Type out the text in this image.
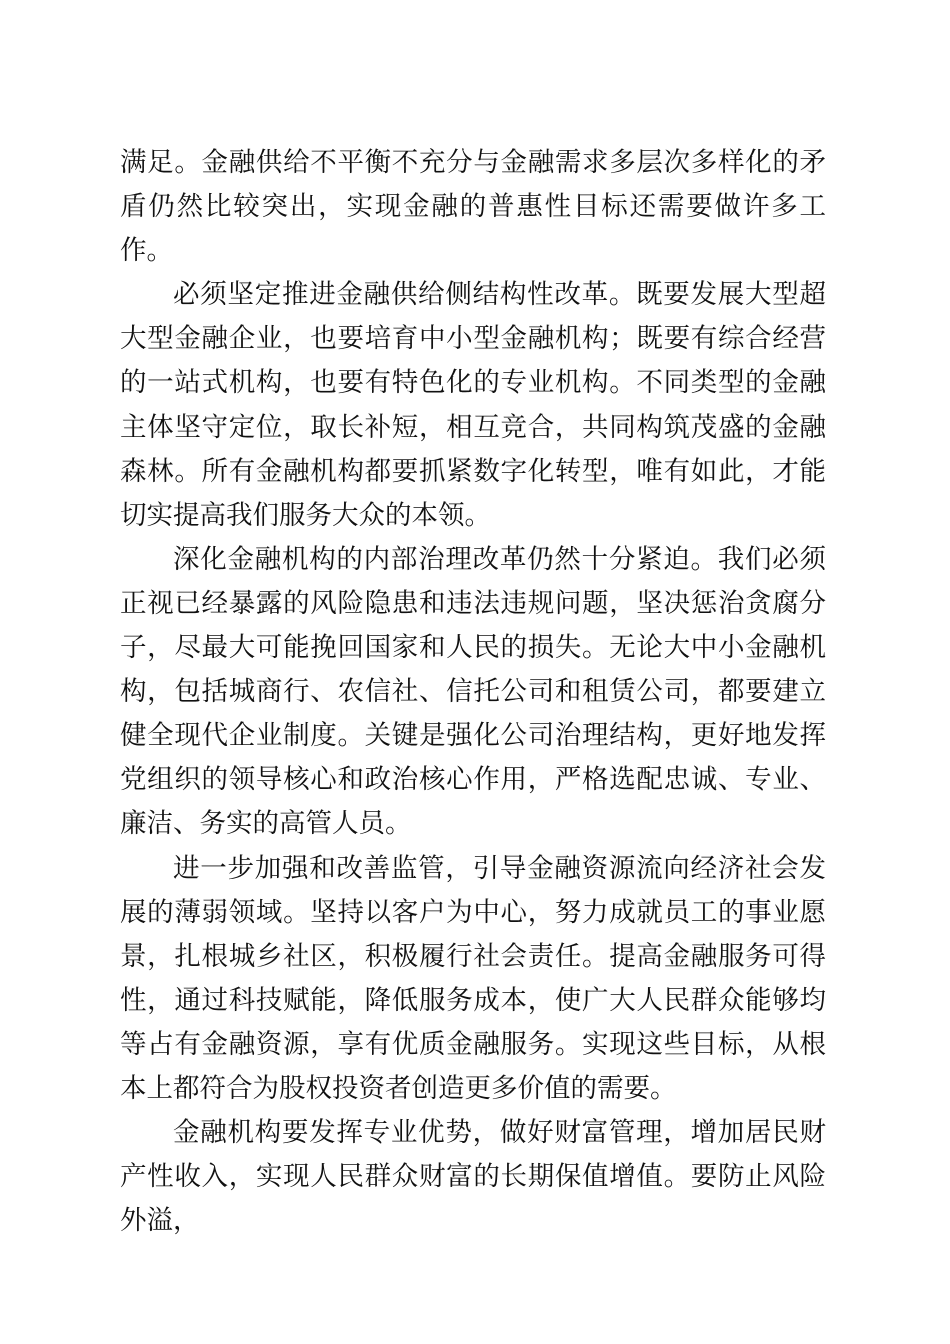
满足。金融供给不平衡不充分与金融需求多层次多样化的矛盾仍然比较突出，实现金融的普惠性目标还需要做许多工作。

必须坚定推进金融供给侧结构性改革。既要发展大型超大型金融企业，也要培育中小型金融机构；既要有综合经营的一站式机构，也要有特色化的专业机构。不同类型的金融主体坚守定位，取长补短，相互竞合，共同构筑茂盛的金融森林。所有金融机构都要抓紧数字化转型，唯有如此，才能切实提高我们服务大众的本领。

深化金融机构的内部治理改革仍然十分紧迫。我们必须正视已经暴露的风险隐患和违法违规问题，坚决惩治贪腐分子，尽最大可能挽回国家和人民的损失。无论大中小金融机构，包括城商行、农信社、信托公司和租赁公司，都要建立健全现代企业制度。关键是强化公司治理结构，更好地发挥党组织的领导核心和政治核心作用，严格选配忠诚、专业、廉洁、务实的高管人员。

进一步加强和改善监管，引导金融资源流向经济社会发展的薄弱领域。坚持以客户为中心，努力成就员工的事业愿景，扎根城乡社区，积极履行社会责任。提高金融服务可得性，通过科技赋能，降低服务成本，使广大人民群众能够均等占有金融资源，享有优质金融服务。实现这些目标，从根本上都符合为股权投资者创造更多价值的需要。

金融机构要发挥专业优势，做好财富管理，增加居民财产性收入，实现人民群众财富的长期保值增值。要防止风险外溢，
